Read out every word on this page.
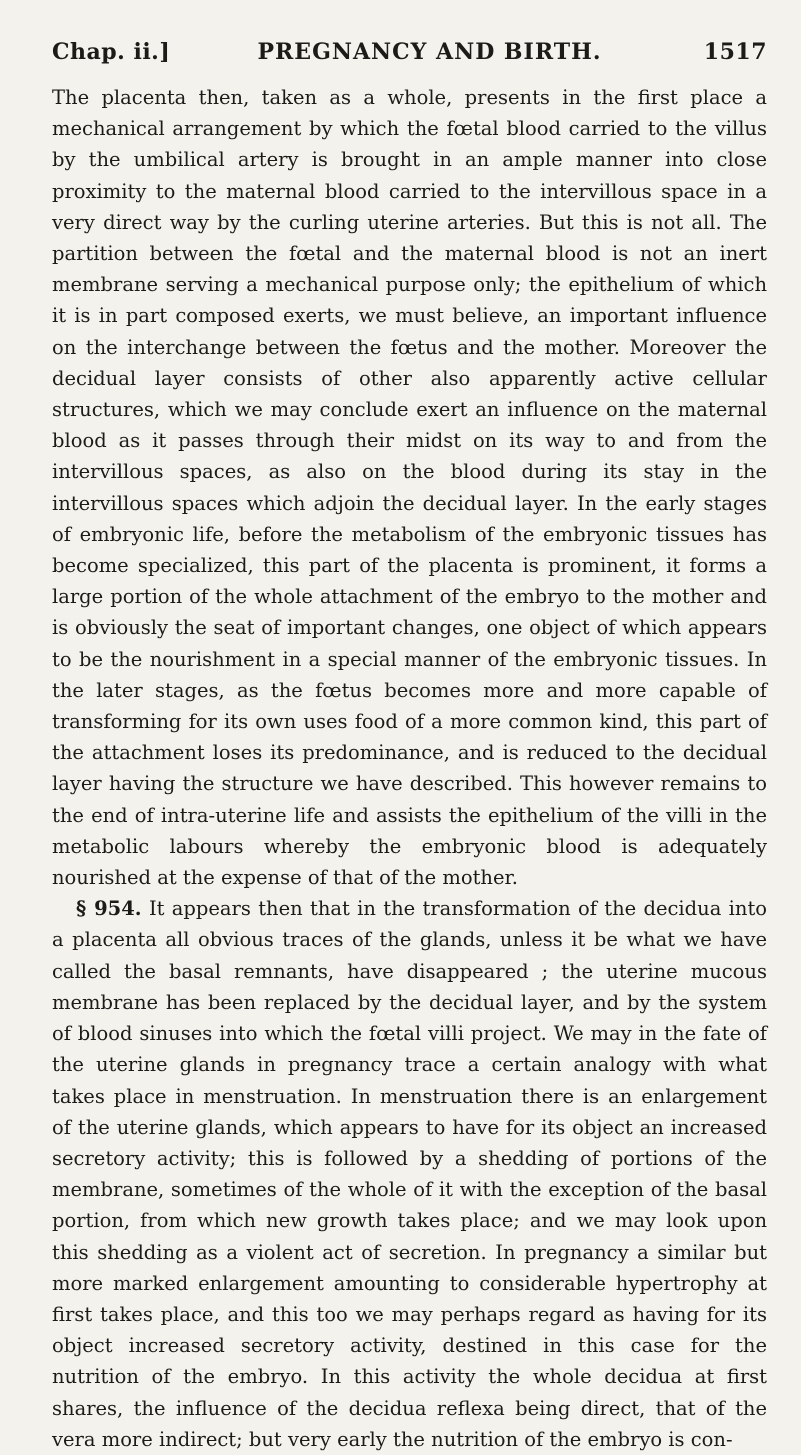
Chap. ii.]	PREGNANCY AND BIRTH.	1517

The placenta then, taken as a whole, presents in the first place a mechanical arrangement by which the fœtal blood carried to the villus by the umbilical artery is brought in an ample manner into close proximity to the maternal blood carried to the intervillous space in a very direct way by the curling uterine arteries. But this is not all. The partition between the fœtal and the maternal blood is not an inert membrane serving a mechanical purpose only; the epithelium of which it is in part composed exerts, we must believe, an important influence on the interchange between the fœtus and the mother. Moreover the decidual layer consists of other also apparently active cellular structures, which we may conclude exert an influence on the maternal blood as it passes through their midst on its way to and from the intervillous spaces, as also on the blood during its stay in the intervillous spaces which adjoin the decidual layer. In the early stages of embryonic life, before the metabolism of the embryonic tissues has become specialized, this part of the placenta is prominent, it forms a large portion of the whole attachment of the embryo to the mother and is obviously the seat of important changes, one object of which appears to be the nourishment in a special manner of the embryonic tissues. In the later stages, as the fœtus becomes more and more capable of transforming for its own uses food of a more common kind, this part of the attachment loses its predominance, and is reduced to the decidual layer having the structure we have described. This however remains to the end of intra-uterine life and assists the epithelium of the villi in the metabolic labours whereby the embryonic blood is adequately nourished at the expense of that of the mother.

§ 954. It appears then that in the transformation of the decidua into a placenta all obvious traces of the glands, unless it be what we have called the basal remnants, have disappeared ; the uterine mucous membrane has been replaced by the decidual layer, and by the system of blood sinuses into which the fœtal villi project. We may in the fate of the uterine glands in pregnancy trace a certain analogy with what takes place in menstruation. In menstruation there is an enlargement of the uterine glands, which appears to have for its object an increased secretory activity; this is followed by a shedding of portions of the membrane, sometimes of the whole of it with the exception of the basal portion, from which new growth takes place; and we may look upon this shedding as a violent act of secretion. In pregnancy a similar but more marked enlargement amounting to considerable hypertrophy at first takes place, and this too we may perhaps regard as having for its object increased secretory activity, destined in this case for the nutrition of the embryo. In this activity the whole decidua at first shares, the influence of the decidua reflexa being direct, that of the vera more indirect; but very early the nutrition of the embryo is con-
